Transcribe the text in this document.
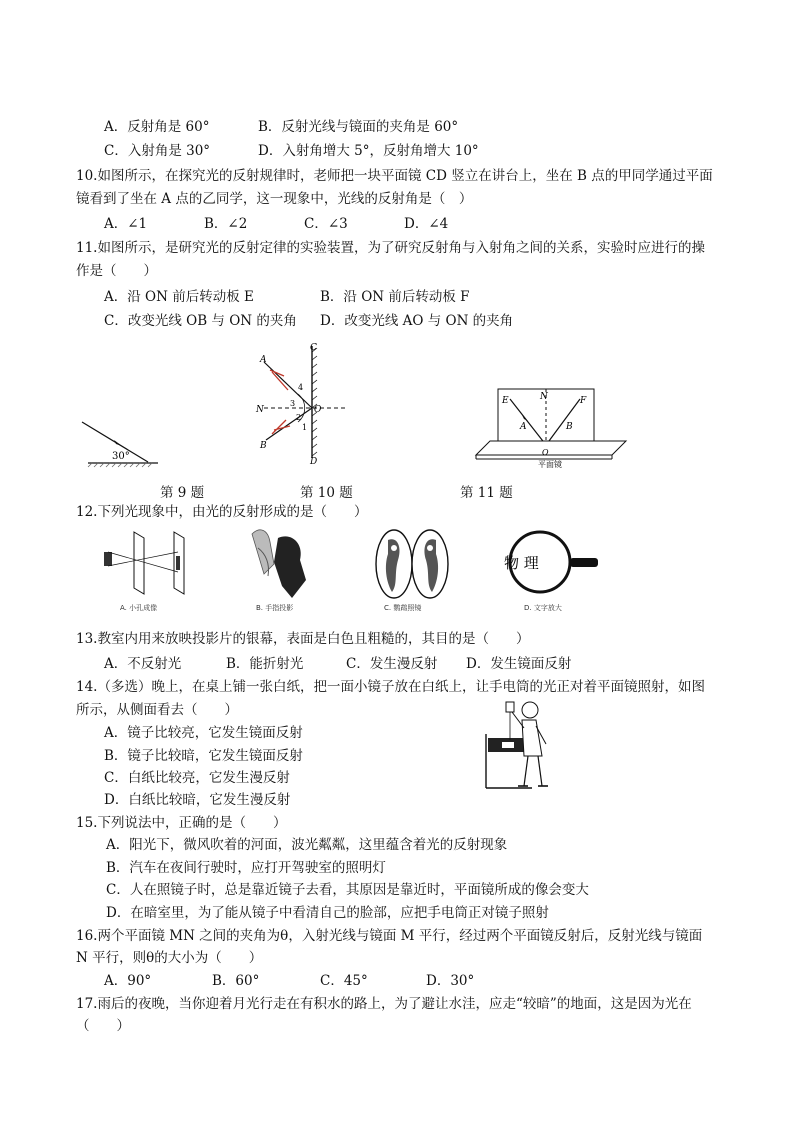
A．反射角是 60°	B．反射光线与镜面的夹角是 60°
C．入射角是 30°	D．入射角增大 5°，反射角增大 10°
10.如图所示，在探究光的反射规律时，老师把一块平面镜 CD 竖立在讲台上，坐在 B 点的甲同学通过平面
镜看到了坐在 A 点的乙同学，这一现象中，光线的反射角是（　）
A．∠1	B．∠2	C．∠3	D．∠4
11.如图所示，是研究光的反射定律的实验装置，为了研究反射角与入射角之间的关系，实验时应进行的操
作是（　　）
A．沿 ON 前后转动板 E	B．沿 ON 前后转动板 F
C．改变光线 OB 与 ON 的夹角 D．改变光线 AO 与 ON 的夹角
30°
A
B
C
D
N	O
4
3
2
1
E	N	F
A	B
O
平面镜
第 9 题	第 10 题	第 11 题
12.下列光现象中，由光的反射形成的是（　　）
A. 小孔成像	B. 手指投影	C. 鹦鹉照镜
物 理
D. 文字放大
13.教室内用来放映投影片的银幕，表面是白色且粗糙的，其目的是（　　）
A．不反射光	B．能折射光	C．发生漫反射 D．发生镜面反射
14.（多选）晚上，在桌上铺一张白纸，把一面小镜子放在白纸上，让手电筒的光正对着平面镜照射，如图
所示，从侧面看去（　　）
A．镜子比较亮，它发生镜面反射
B．镜子比较暗，它发生镜面反射
C．白纸比较亮，它发生漫反射
D．白纸比较暗，它发生漫反射
15.下列说法中，正确的是（　　）
A．阳光下，微风吹着的河面，波光粼粼，这里蕴含着光的反射现象
B．汽车在夜间行驶时，应打开驾驶室的照明灯
C．人在照镜子时，总是靠近镜子去看，其原因是靠近时，平面镜所成的像会变大
D．在暗室里，为了能从镜子中看清自己的脸部，应把手电筒正对镜子照射
16.两个平面镜 MN 之间的夹角为θ，入射光线与镜面 M 平行，经过两个平面镜反射后，反射光线与镜面
N 平行，则θ的大小为（　　）
A．90°	B．60°	C．45°	D．30°
17.雨后的夜晚，当你迎着月光行走在有积水的路上，为了避让水洼，应走“较暗”的地面，这是因为光在
（　　）
